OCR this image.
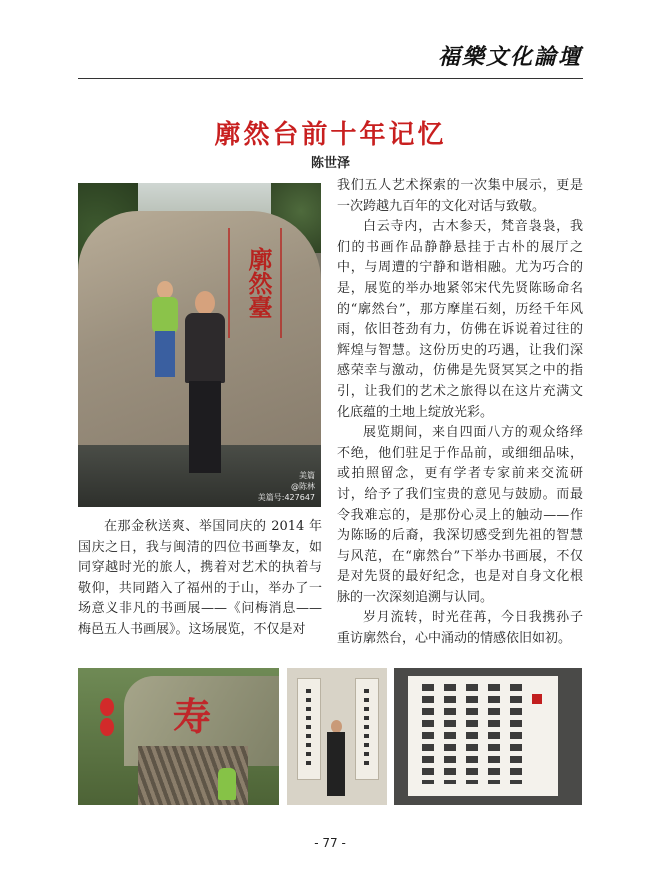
福樂文化論壇
廓然台前十年记忆
陈世泽
廓然臺
美篇
@陈林
美篇号:427647

在那金秋送爽、举国同庆的 2014 年国庆之日，我与闽清的四位书画挚友，如同穿越时光的旅人，携着对艺术的执着与敬仰，共同踏入了福州的于山，举办了一场意义非凡的书画展——《问梅消息——梅邑五人书画展》。这场展览，不仅是对

我们五人艺术探索的一次集中展示，更是一次跨越九百年的文化对话与致敬。

白云寺内，古木参天，梵音袅袅，我们的书画作品静静悬挂于古朴的展厅之中，与周遭的宁静和谐相融。尤为巧合的是，展览的举办地紧邻宋代先贤陈旸命名的“廓然台”，那方摩崖石刻，历经千年风雨，依旧苍劲有力，仿佛在诉说着过往的辉煌与智慧。这份历史的巧遇，让我们深感荣幸与激动，仿佛是先贤冥冥之中的指引，让我们的艺术之旅得以在这片充满文化底蕴的土地上绽放光彩。

展览期间，来自四面八方的观众络绎不绝，他们驻足于作品前，或细细品味，或拍照留念，更有学者专家前来交流研讨，给予了我们宝贵的意见与鼓励。而最令我难忘的，是那份心灵上的触动——作为陈旸的后裔，我深切感受到先祖的智慧与风范，在“廓然台”下举办书画展，不仅是对先贤的最好纪念，也是对自身文化根脉的一次深刻追溯与认同。

岁月流转，时光荏苒，今日我携孙子重访廓然台，心中涌动的情感依旧如初。

寿
- 77 -
